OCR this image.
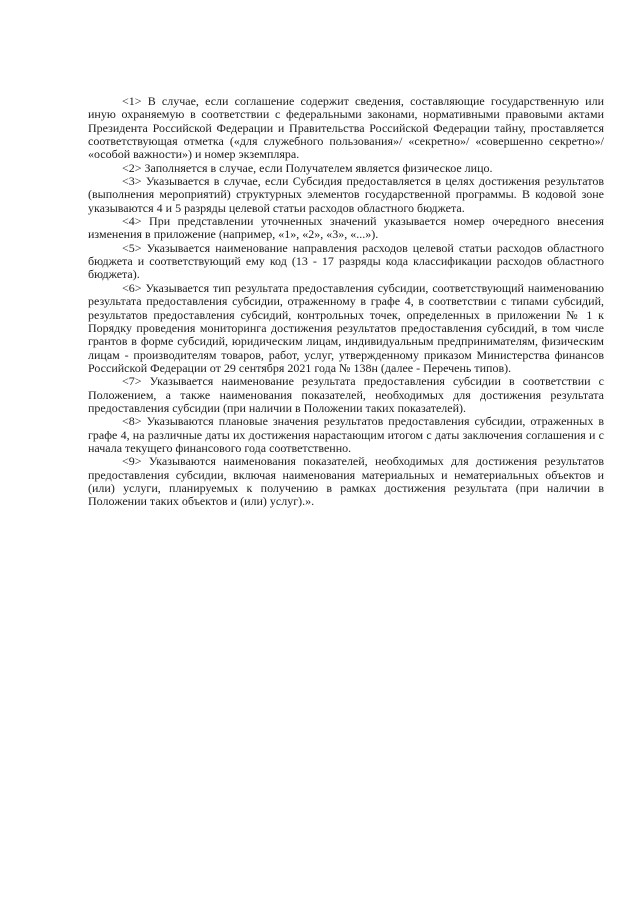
<1> В случае, если соглашение содержит сведения, составляющие государственную или иную охраняемую в соответствии с федеральными законами, нормативными правовыми актами Президента Российской Федерации и Правительства Российской Федерации тайну, проставляется соответствующая отметка («для служебного пользования»/ «секретно»/ «совершенно секретно»/ «особой важности») и номер экземпляра.

<2> Заполняется в случае, если Получателем является физическое лицо.

<3> Указывается в случае, если Субсидия предоставляется в целях достижения результатов (выполнения мероприятий) структурных элементов государственной программы. В кодовой зоне указываются 4 и 5 разряды целевой статьи расходов областного бюджета.

<4> При представлении уточненных значений указывается номер очередного внесения изменения в приложение (например, «1», «2», «3», «...»).

<5> Указывается наименование направления расходов целевой статьи расходов областного бюджета и соответствующий ему код (13 - 17 разряды кода классификации расходов областного бюджета).

<6> Указывается тип результата предоставления субсидии, соответствующий наименованию результата предоставления субсидии, отраженному в графе 4, в соответствии с типами субсидий, результатов предоставления субсидий, контрольных точек, определенных в приложении № 1 к Порядку проведения мониторинга достижения результатов предоставления субсидий, в том числе грантов в форме субсидий, юридическим лицам, индивидуальным предпринимателям, физическим лицам - производителям товаров, работ, услуг, утвержденному приказом Министерства финансов Российской Федерации от 29 сентября 2021 года № 138н (далее - Перечень типов).

<7> Указывается наименование результата предоставления субсидии в соответствии с Положением, а также наименования показателей, необходимых для достижения результата предоставления субсидии (при наличии в Положении таких показателей).

<8> Указываются плановые значения результатов предоставления субсидии, отраженных в графе 4, на различные даты их достижения нарастающим итогом с даты заключения соглашения и с начала текущего финансового года соответственно.

<9> Указываются наименования показателей, необходимых для достижения результатов предоставления субсидии, включая наименования материальных и нематериальных объектов и (или) услуги, планируемых к получению в рамках достижения результата (при наличии в Положении таких объектов и (или) услуг).».
